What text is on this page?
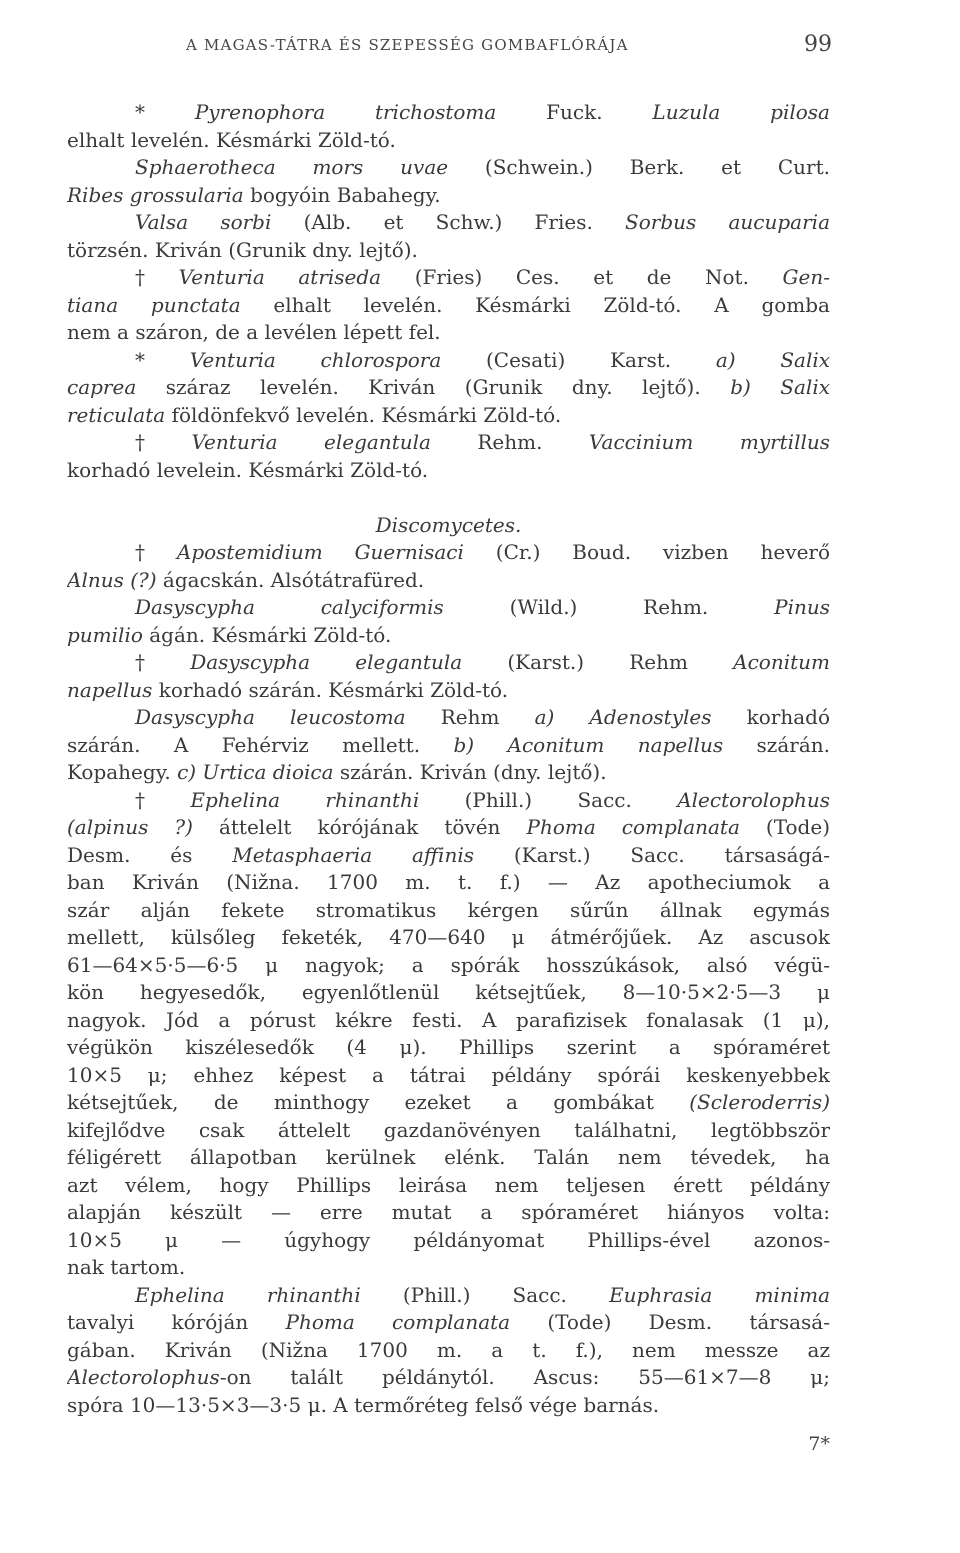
A MAGAS-TÁTRA ÉS SZEPESSÉG GOMBAFLÓRÁJA	99
* Pyrenophora trichostoma Fuck. Luzula pilosa
elhalt levelén. Késmárki Zöld-tó.
Sphaerotheca mors uvae (Schwein.) Berk. et Curt.
Ribes grossularia bogyóin Babahegy.
Valsa sorbi (Alb. et Schw.) Fries. Sorbus aucuparia
törzsén. Kriván (Grunik dny. lejtő).
† Venturia atriseda (Fries) Ces. et de Not. Gen-
tiana punctata elhalt levelén. Késmárki Zöld-tó. A gomba
nem a száron, de a levélen lépett fel.
* Venturia chlorospora (Cesati) Karst. a) Salix
caprea száraz levelén. Kriván (Grunik dny. lejtő). b) Salix
reticulata földönfekvő levelén. Késmárki Zöld-tó.
† Venturia elegantula Rehm. Vaccinium myrtillus
korhadó levelein. Késmárki Zöld-tó.
Discomycetes.
† Apostemidium Guernisaci (Cr.) Boud. vizben heverő
Alnus (?) ágacskán. Alsótátrafüred.
Dasyscypha calyciformis (Wild.) Rehm. Pinus
pumilio ágán. Késmárki Zöld-tó.
† Dasyscypha elegantula (Karst.) Rehm Aconitum
napellus korhadó szárán. Késmárki Zöld-tó.
Dasyscypha leucostoma Rehm a) Adenostyles korhadó
szárán. A Fehérviz mellett. b) Aconitum napellus szárán.
Kopahegy. c) Urtica dioica szárán. Kriván (dny. lejtő).
† Ephelina rhinanthi (Phill.) Sacc. Alectorolophus
(alpinus ?) áttelelt kórójának tövén Phoma complanata (Tode)
Desm. és Metasphaeria affinis (Karst.) Sacc. társaságá-
ban Kriván (Nižna. 1700 m. t. f.) — Az apotheciumok a
szár alján fekete stromatikus kérgen sűrűn állnak egymás
mellett, külsőleg feketék, 470—640 μ átmérőjűek. Az ascusok
61—64×5·5—6·5 μ nagyok; a spórák hosszúkások, alsó végü-
kön hegyesedők, egyenlőtlenül kétsejtűek, 8—10·5×2·5—3 μ
nagyok. Jód a pórust kékre festi. A parafizisek fonalasak (1 μ),
végükön kiszélesedők (4 μ). Phillips szerint a spóraméret
10×5 μ; ehhez képest a tátrai példány spórái keskenyebbek
kétsejtűek, de minthogy ezeket a gombákat (Scleroderris)
kifejlődve csak áttelelt gazdanövényen találhatni, legtöbbször
féligérett állapotban kerülnek elénk. Talán nem tévedek, ha
azt vélem, hogy Phillips leirása nem teljesen érett példány
alapján készült — erre mutat a spóraméret hiányos volta:
10×5 μ — úgyhogy példányomat Phillips-ével azonos-
nak tartom.
Ephelina rhinanthi (Phill.) Sacc. Euphrasia minima
tavalyi kóróján Phoma complanata (Tode) Desm. társasá-
gában. Kriván (Nižna 1700 m. a t. f.), nem messze az
Alectorolophus-on talált példánytól. Ascus: 55—61×7—8 μ;
spóra 10—13·5×3—3·5 μ. A termőréteg felső vége barnás.
7*
